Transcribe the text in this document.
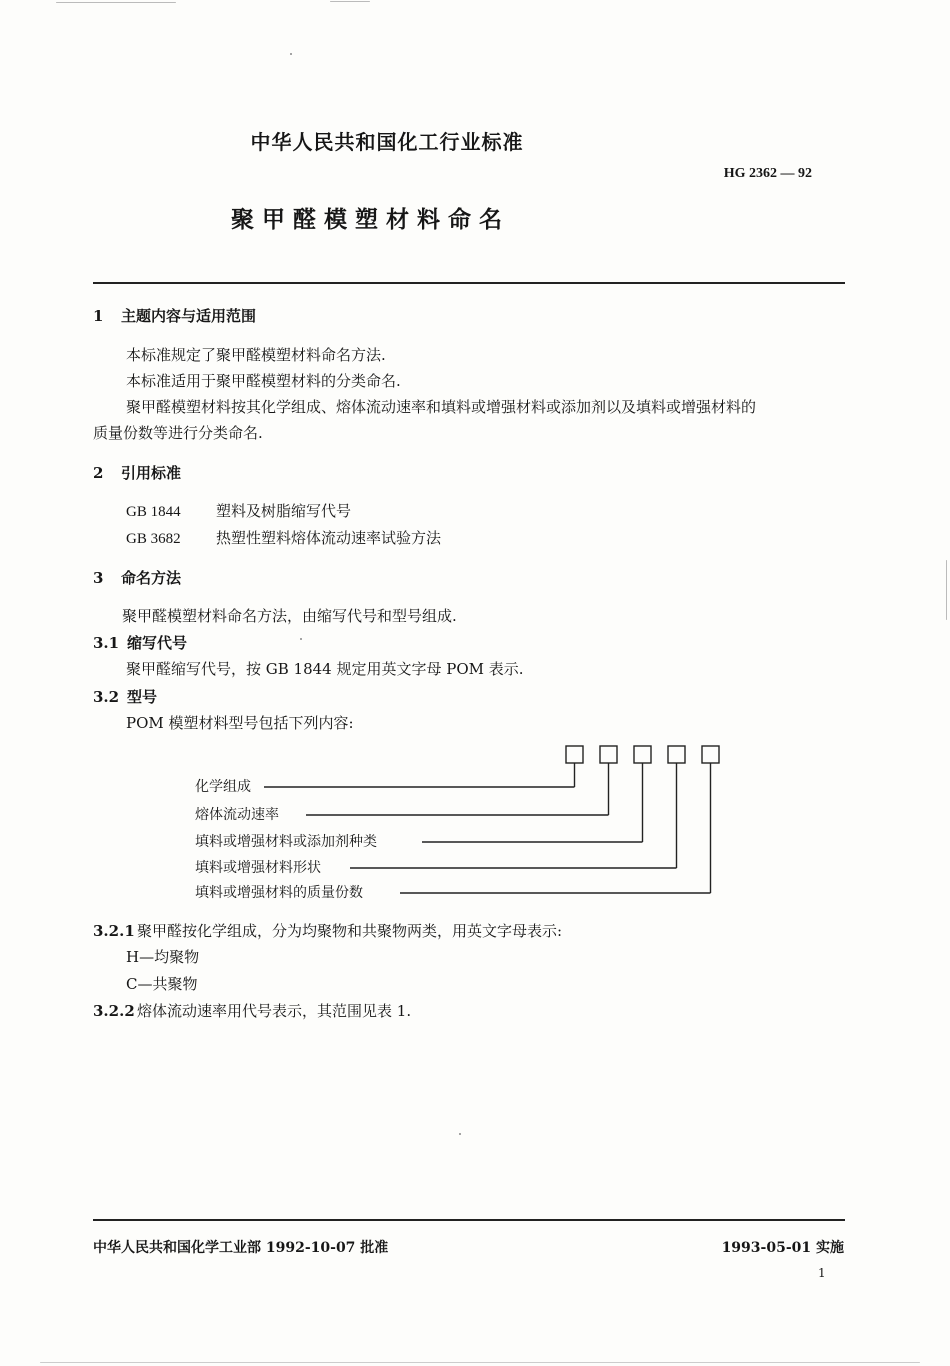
中华人民共和国化工行业标准
HG 2362 — 92
聚甲醛模塑材料命名
1 主题内容与适用范围
本标准规定了聚甲醛模塑材料命名方法.
本标准适用于聚甲醛模塑材料的分类命名.
聚甲醛模塑材料按其化学组成、熔体流动速率和填料或增强材料或添加剂以及填料或增强材料的
质量份数等进行分类命名.
2 引用标准
GB 1844 塑料及树脂缩写代号
GB 3682 热塑性塑料熔体流动速率试验方法
3 命名方法
聚甲醛模塑材料命名方法，由缩写代号和型号组成.
3.1 缩写代号
聚甲醛缩写代号，按 GB 1844 规定用英文字母 POM 表示.
3.2 型号
POM 模塑材料型号包括下列内容:
化学组成
熔体流动速率
填料或增强材料或添加剂种类
填料或增强材料形状
填料或增强材料的质量份数
3.2.1 聚甲醛按化学组成，分为均聚物和共聚物两类，用英文字母表示:
H—均聚物
C—共聚物
3.2.2 熔体流动速率用代号表示，其范围见表 1.
中华人民共和国化学工业部 1992-10-07 批准	1993-05-01 实施
1
